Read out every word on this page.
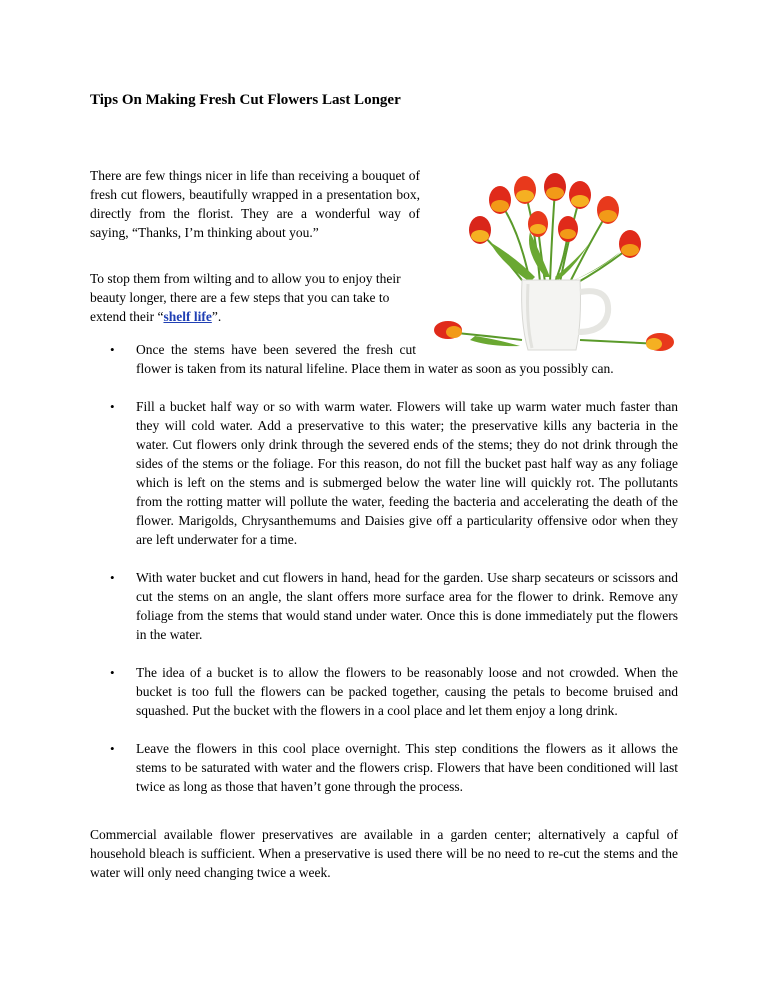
Tips On Making Fresh Cut Flowers Last Longer

There are few things nicer in life than receiving a bouquet of fresh cut flowers, beautifully wrapped in a presentation box, directly from the florist. They are a wonderful way of saying, “Thanks, I’m thinking about you.”

To stop them from wilting and to allow you to enjoy their beauty longer, there are a few steps that you can take to extend their “shelf life”.

• Once the stems have been severed the fresh cut flower is taken from its natural lifeline. Place them in water as soon as you possibly can.
• Fill a bucket half way or so with warm water. Flowers will take up warm water much faster than they will cold water. Add a preservative to this water; the preservative kills any bacteria in the water. Cut flowers only drink through the severed ends of the stems; they do not drink through the sides of the stems or the foliage. For this reason, do not fill the bucket past half way as any foliage which is left on the stems and is submerged below the water line will quickly rot. The pollutants from the rotting matter will pollute the water, feeding the bacteria and accelerating the death of the flower. Marigolds, Chrysanthemums and Daisies give off a particularity offensive odor when they are left underwater for a time.
• With water bucket and cut flowers in hand, head for the garden. Use sharp secateurs or scissors and cut the stems on an angle, the slant offers more surface area for the flower to drink. Remove any foliage from the stems that would stand under water. Once this is done immediately put the flowers in the water.
• The idea of a bucket is to allow the flowers to be reasonably loose and not crowded. When the bucket is too full the flowers can be packed together, causing the petals to become bruised and squashed. Put the bucket with the flowers in a cool place and let them enjoy a long drink.
• Leave the flowers in this cool place overnight. This step conditions the flowers as it allows the stems to be saturated with water and the flowers crisp. Flowers that have been conditioned will last twice as long as those that haven’t gone through the process.

Commercial available flower preservatives are available in a garden center; alternatively a capful of household bleach is sufficient. When a preservative is used there will be no need to re-cut the stems and the water will only need changing twice a week.
